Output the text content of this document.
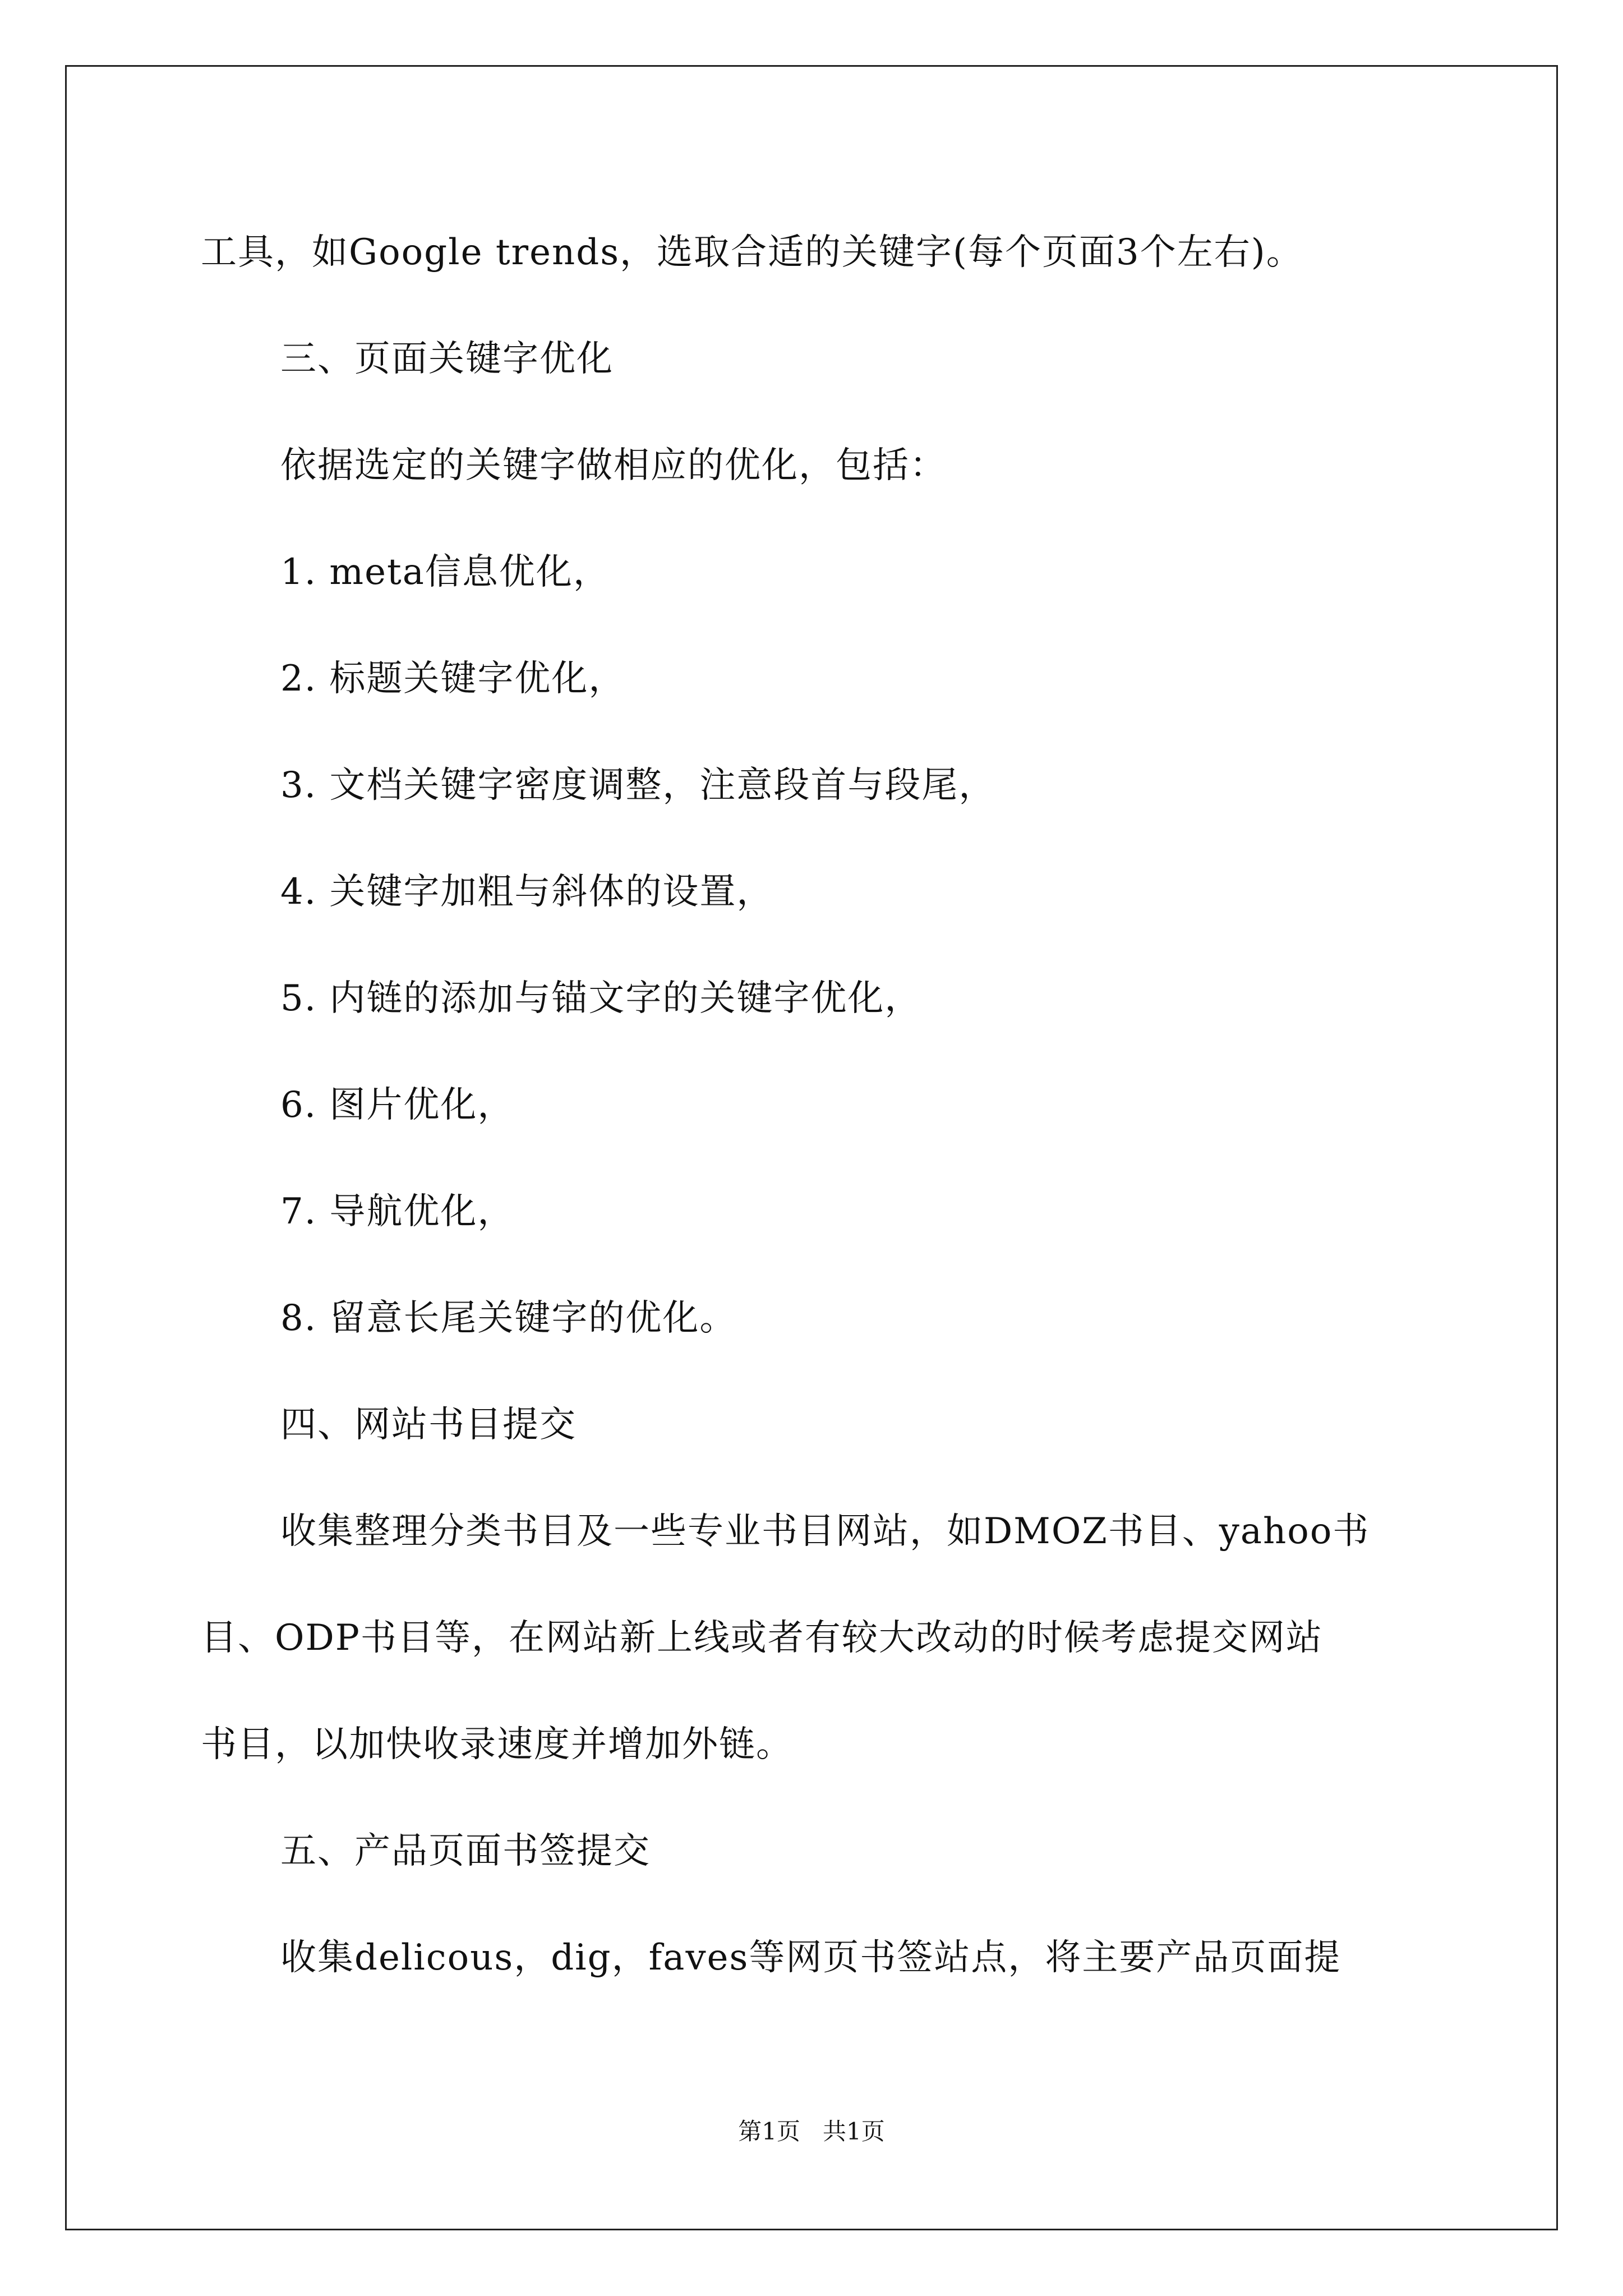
工具，如Google trends，选取合适的关键字(每个页面3个左右)。
三、页面关键字优化
依据选定的关键字做相应的优化，包括：
1. meta信息优化，
2. 标题关键字优化，
3. 文档关键字密度调整，注意段首与段尾，
4. 关键字加粗与斜体的设置，
5. 内链的添加与锚文字的关键字优化，
6. 图片优化，
7. 导航优化，
8. 留意长尾关键字的优化。
四、网站书目提交
收集整理分类书目及一些专业书目网站，如DMOZ书目、yahoo书
目、ODP书目等，在网站新上线或者有较大改动的时候考虑提交网站
书目，以加快收录速度并增加外链。
五、产品页面书签提交
收集delicous，dig，faves等网页书签站点，将主要产品页面提
第1页   共1页
